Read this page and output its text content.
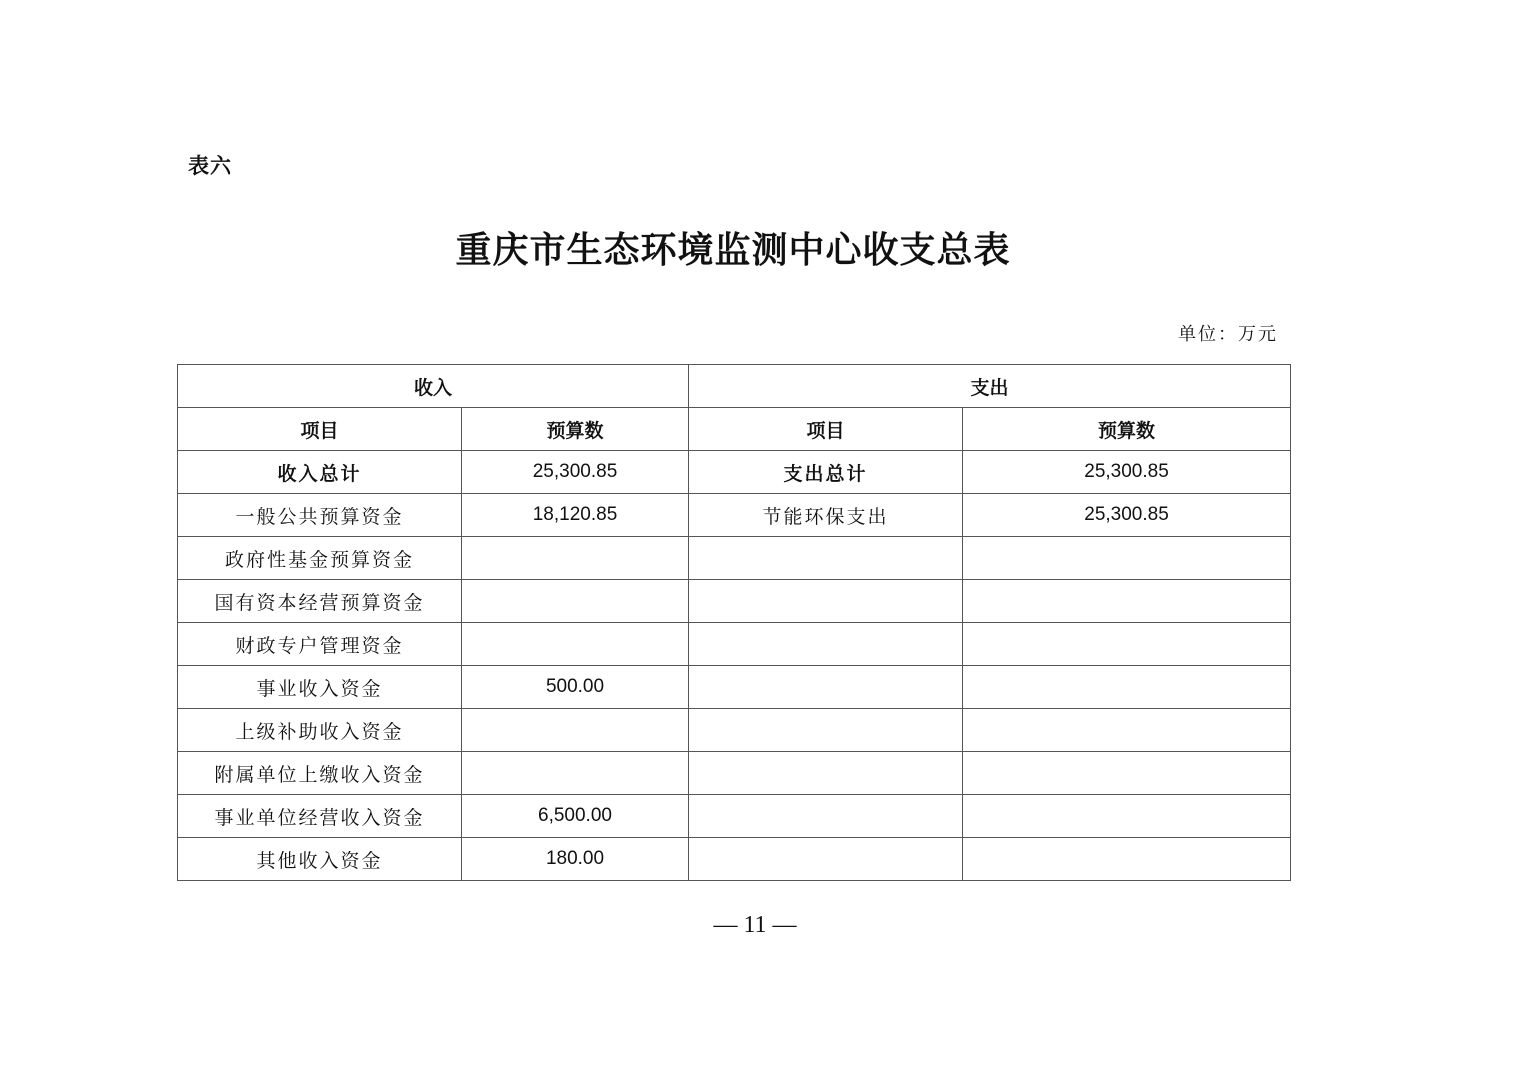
表六
重庆市生态环境监测中心收支总表
单位：万元
收入		支出	
项目	预算数	项目	预算数
收入总计	25,300.85	支出总计	25,300.85
一般公共预算资金	18,120.85	节能环保支出	25,300.85
政府性基金预算资金			
国有资本经营预算资金			
财政专户管理资金			
事业收入资金	500.00		
上级补助收入资金			
附属单位上缴收入资金			
事业单位经营收入资金	6,500.00		
其他收入资金	180.00		
— 11 —
